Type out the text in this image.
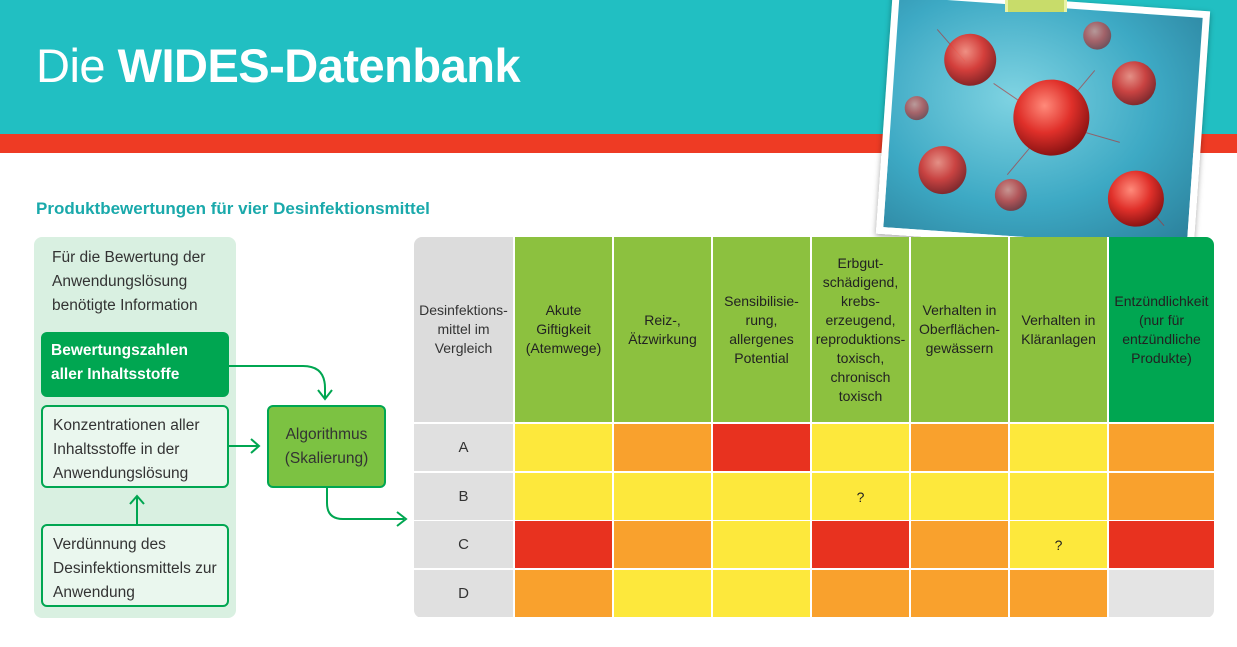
Die WIDES-Datenbank
Produktbewertungen für vier Desinfektionsmittel
Für die Bewertung der Anwendungslösung benötigte Information
Bewertungszahlen aller Inhaltsstoffe
Konzentrationen aller Inhaltsstoffe in der Anwendungslösung
Verdünnung des Desinfektionsmittels zur Anwendung
Algorithmus (Skalierung)
Desinfektions-mittel im Vergleich
Akute Giftigkeit (Atemwege)
Reiz-, Ätzwirkung
Sensibilisie-rung, allergenes Potential
Erbgut-schädigend, krebs-erzeugend, reproduktions-toxisch, chronisch toxisch
Verhalten in Oberflächen-gewässern
Verhalten in Kläranlagen
Entzündlichkeit (nur für entzündliche Produkte)
A
B	?
C	?
D
